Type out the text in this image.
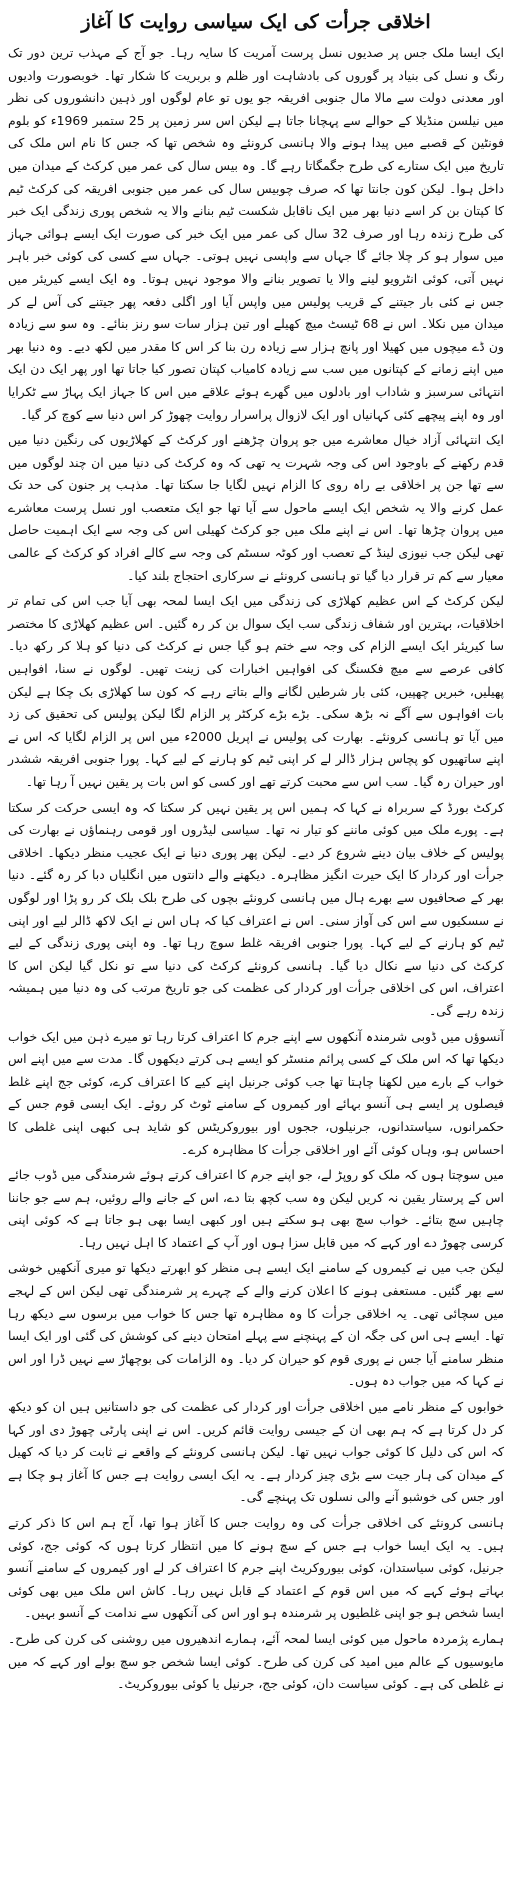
اخلاقی جرأت کی ایک سیاسی روایت کا آغاز

ایک ایسا ملک جس پر صدیوں نسل پرست آمریت کا سایہ رہا۔ جو آج کے مہذب ترین دور تک رنگ و نسل کی بنیاد پر گوروں کی بادشاہت اور ظلم و بربریت کا شکار تھا۔ خوبصورت وادیوں اور معدنی دولت سے مالا مال جنوبی افریقہ جو یوں تو عام لوگوں اور ذہین دانشوروں کی نظر میں نیلسن منڈیلا کے حوالے سے پہچانا جاتا ہے لیکن اس سر زمین پر 25 ستمبر 1969ء کو بلوم فونٹین کے قصبے میں پیدا ہونے والا ہانسی کرونئے وہ شخص تھا کہ جس کا نام اس ملک کی تاریخ میں ایک ستارے کی طرح جگمگاتا رہے گا۔ وہ بیس سال کی عمر میں کرکٹ کے میدان میں داخل ہوا۔ لیکن کون جانتا تھا کہ صرف چوبیس سال کی عمر میں جنوبی افریقہ کی کرکٹ ٹیم کا کپتان بن کر اسے دنیا بھر میں ایک ناقابل شکست ٹیم بنانے والا یہ شخص پوری زندگی ایک خبر کی طرح زندہ رہا اور صرف 32 سال کی عمر میں ایک خبر کی صورت ایک ایسے ہوائی جہاز میں سوار ہو کر چلا جائے گا جہاں سے واپسی نہیں ہوتی۔ جہاں سے کسی کی کوئی خبر باہر نہیں آتی، کوئی انٹرویو لینے والا یا تصویر بنانے والا موجود نہیں ہوتا۔ وہ ایک ایسے کیریئر میں جس نے کئی بار جیتنے کے قریب پولیس میں واپس آیا اور اگلی دفعہ پھر جیتنے کی آس لے کر میدان میں نکلا۔ اس نے 68 ٹیسٹ میچ کھیلے اور تین ہزار سات سو رنز بنائے۔ وہ سو سے زیادہ ون ڈے میچوں میں کھیلا اور پانچ ہزار سے زیادہ رن بنا کر اس کا مقدر میں لکھ دیے۔ وہ دنیا بھر میں اپنے زمانے کے کپتانوں میں سب سے زیادہ کامیاب کپتان تصور کیا جاتا تھا اور پھر ایک دن ایک انتہائی سرسبز و شاداب اور بادلوں میں گھرے ہوئے علاقے میں اس کا جہاز ایک پہاڑ سے ٹکرایا اور وہ اپنے پیچھے کئی کہانیاں اور ایک لازوال پراسرار روایت چھوڑ کر اس دنیا سے کوچ کر گیا۔

ایک انتہائی آزاد خیال معاشرے میں جو پروان چڑھنے اور کرکٹ کے کھلاڑیوں کی رنگین دنیا میں قدم رکھنے کے باوجود اس کی وجہ شہرت یہ تھی کہ وہ کرکٹ کی دنیا میں ان چند لوگوں میں سے تھا جن پر اخلاقی بے راہ روی کا الزام نہیں لگایا جا سکتا تھا۔ مذہب پر جنون کی حد تک عمل کرنے والا یہ شخص ایک ایسے ماحول سے آیا تھا جو ایک متعصب اور نسل پرست معاشرے میں پروان چڑھا تھا۔ اس نے اپنے ملک میں جو کرکٹ کھیلی اس کی وجہ سے ایک اہمیت حاصل تھی لیکن جب نیوزی لینڈ کے تعصب اور کوٹہ سسٹم کی وجہ سے کالے افراد کو کرکٹ کے عالمی معیار سے کم تر قرار دیا گیا تو ہانسی کرونئے نے سرکاری احتجاج بلند کیا۔

لیکن کرکٹ کے اس عظیم کھلاڑی کی زندگی میں ایک ایسا لمحہ بھی آیا جب اس کی تمام تر اخلاقیات، بہترین اور شفاف زندگی سب ایک سوال بن کر رہ گئیں۔ اس عظیم کھلاڑی کا مختصر سا کیریئر ایک ایسے الزام کی وجہ سے ختم ہو گیا جس نے کرکٹ کی دنیا کو ہلا کر رکھ دیا۔ کافی عرصے سے میچ فکسنگ کی افواہیں اخبارات کی زینت تھیں۔ لوگوں نے سنا، افواہیں پھیلیں، خبریں چھپیں، کئی بار شرطیں لگانے والے بتاتے رہے کہ کون سا کھلاڑی بک چکا ہے لیکن بات افواہوں سے آگے نہ بڑھ سکی۔ بڑے بڑے کرکٹر پر الزام لگا لیکن پولیس کی تحقیق کی زد میں آیا تو ہانسی کرونئے۔ بھارت کی پولیس نے اپریل 2000ء میں اس پر الزام لگایا کہ اس نے اپنے ساتھیوں کو پچاس ہزار ڈالر لے کر اپنی ٹیم کو ہارنے کے لیے کہا۔ پورا جنوبی افریقہ ششدر اور حیران رہ گیا۔ سب اس سے محبت کرتے تھے اور کسی کو اس بات پر یقین نہیں آ رہا تھا۔

کرکٹ بورڈ کے سربراہ نے کہا کہ ہمیں اس پر یقین نہیں کر سکتا کہ وہ ایسی حرکت کر سکتا ہے۔ پورے ملک میں کوئی ماننے کو تیار نہ تھا۔ سیاسی لیڈروں اور قومی رہنماؤں نے بھارت کی پولیس کے خلاف بیان دینے شروع کر دیے۔ لیکن پھر پوری دنیا نے ایک عجیب منظر دیکھا۔ اخلاقی جرأت اور کردار کا ایک حیرت انگیز مظاہرہ۔ دیکھنے والے دانتوں میں انگلیاں دبا کر رہ گئے۔ دنیا بھر کے صحافیوں سے بھرے ہال میں ہانسی کرونئے بچوں کی طرح بلک بلک کر رو پڑا اور لوگوں نے سسکیوں سے اس کی آواز سنی۔ اس نے اعتراف کیا کہ ہاں اس نے ایک لاکھ ڈالر لیے اور اپنی ٹیم کو ہارنے کے لیے کہا۔ پورا جنوبی افریقہ غلط سوچ رہا تھا۔ وہ اپنی پوری زندگی کے لیے کرکٹ کی دنیا سے نکال دیا گیا۔ ہانسی کرونئے کرکٹ کی دنیا سے تو نکل گیا لیکن اس کا اعتراف، اس کی اخلاقی جرأت اور کردار کی عظمت کی جو تاریخ مرتب کی وہ دنیا میں ہمیشہ زندہ رہے گی۔

آنسوؤں میں ڈوبی شرمندہ آنکھوں سے اپنے جرم کا اعتراف کرتا رہا تو میرے ذہن میں ایک خواب دیکھا تھا کہ اس ملک کے کسی پرائم منسٹر کو ایسے ہی کرتے دیکھوں گا۔ مدت سے میں اپنے اس خواب کے بارے میں لکھنا چاہتا تھا جب کوئی جرنیل اپنے کیے کا اعتراف کرے، کوئی جج اپنے غلط فیصلوں پر ایسے ہی آنسو بہائے اور کیمروں کے سامنے ٹوٹ کر روئے۔ ایک ایسی قوم جس کے حکمرانوں، سیاستدانوں، جرنیلوں، ججوں اور بیوروکریٹس کو شاید ہی کبھی اپنی غلطی کا احساس ہو، وہاں کوئی آئے اور اخلاقی جرأت کا مظاہرہ کرے۔

میں سوچتا ہوں کہ ملک کو روپڑ لے، جو اپنے جرم کا اعتراف کرتے ہوئے شرمندگی میں ڈوب جائے اس کے پرستار یقین نہ کریں لیکن وہ سب کچھ بتا دے، اس کے جانے والے روئیں، ہم سے جو جاننا چاہیں سچ بتائے۔ خواب سچ بھی ہو سکتے ہیں اور کبھی ایسا بھی ہو جاتا ہے کہ کوئی اپنی کرسی چھوڑ دے اور کہے کہ میں قابل سزا ہوں اور آپ کے اعتماد کا اہل نہیں رہا۔

لیکن جب میں نے کیمروں کے سامنے ایک ایسے ہی منظر کو ابھرتے دیکھا تو میری آنکھیں خوشی سے بھر گئیں۔ مستعفی ہونے کا اعلان کرنے والے کے چہرے پر شرمندگی تھی لیکن اس کے لہجے میں سچائی تھی۔ یہ اخلاقی جرأت کا وہ مظاہرہ تھا جس کا خواب میں برسوں سے دیکھ رہا تھا۔ ایسے ہی اس کی جگہ ان کے پہنچنے سے پہلے امتحان دینے کی کوشش کی گئی اور ایک ایسا منظر سامنے آیا جس نے پوری قوم کو حیران کر دیا۔ وہ الزامات کی بوچھاڑ سے نہیں ڈرا اور اس نے کہا کہ میں جواب دہ ہوں۔

خوابوں کے منظر نامے میں اخلاقی جرأت اور کردار کی عظمت کی جو داستانیں ہیں ان کو دیکھ کر دل کرتا ہے کہ ہم بھی ان کے جیسی روایت قائم کریں۔ اس نے اپنی پارٹی چھوڑ دی اور کہا کہ اس کی دلیل کا کوئی جواب نہیں تھا۔ لیکن ہانسی کرونئے کے واقعے نے ثابت کر دیا کہ کھیل کے میدان کی ہار جیت سے بڑی چیز کردار ہے۔ یہ ایک ایسی روایت ہے جس کا آغاز ہو چکا ہے اور جس کی خوشبو آنے والی نسلوں تک پہنچے گی۔

ہانسی کرونئے کی اخلاقی جرأت کی وہ روایت جس کا آغاز ہوا تھا، آج ہم اس کا ذکر کرتے ہیں۔ یہ ایک ایسا خواب ہے جس کے سچ ہونے کا میں انتظار کرتا ہوں کہ کوئی جج، کوئی جرنیل، کوئی سیاستدان، کوئی بیوروکریٹ اپنے جرم کا اعتراف کر لے اور کیمروں کے سامنے آنسو بہاتے ہوئے کہے کہ میں اس قوم کے اعتماد کے قابل نہیں رہا۔ کاش اس ملک میں بھی کوئی ایسا شخص ہو جو اپنی غلطیوں پر شرمندہ ہو اور اس کی آنکھوں سے ندامت کے آنسو بہیں۔

ہمارے پژمردہ ماحول میں کوئی ایسا لمحہ آئے، ہمارے اندھیروں میں روشنی کی کرن کی طرح۔ مایوسیوں کے عالم میں امید کی کرن کی طرح۔ کوئی ایسا شخص جو سچ بولے اور کہے کہ میں نے غلطی کی ہے۔ کوئی سیاست دان، کوئی جج، جرنیل یا کوئی بیوروکریٹ۔
